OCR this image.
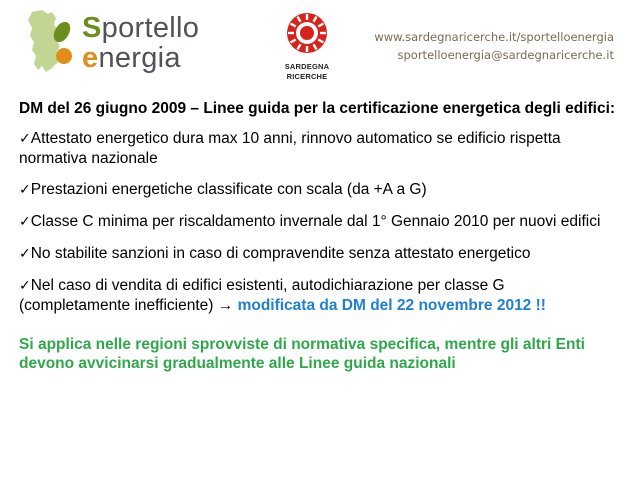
Sportello
energia	SARDEGNA
RICERCHE
www.sardegnaricerche.it/sportelloenergia
sportelloenergia@sardegnaricerche.it
DM del 26 giugno 2009 – Linee guida per la certificazione energetica degli edifici:
✓Attestato energetico dura max 10 anni, rinnovo automatico se edificio rispetta normativa nazionale
✓Prestazioni energetiche classificate con scala (da +A a G)
✓Classe C minima per riscaldamento invernale dal 1° Gennaio 2010 per nuovi edifici
✓No stabilite sanzioni in caso di compravendite senza attestato energetico
✓Nel caso di vendita di edifici esistenti, autodichiarazione per classe G (completamente inefficiente) → modificata da DM del 22 novembre 2012 !!
Si applica nelle regioni sprovviste di normativa specifica, mentre gli altri Enti devono avvicinarsi gradualmente alle Linee guida nazionali
